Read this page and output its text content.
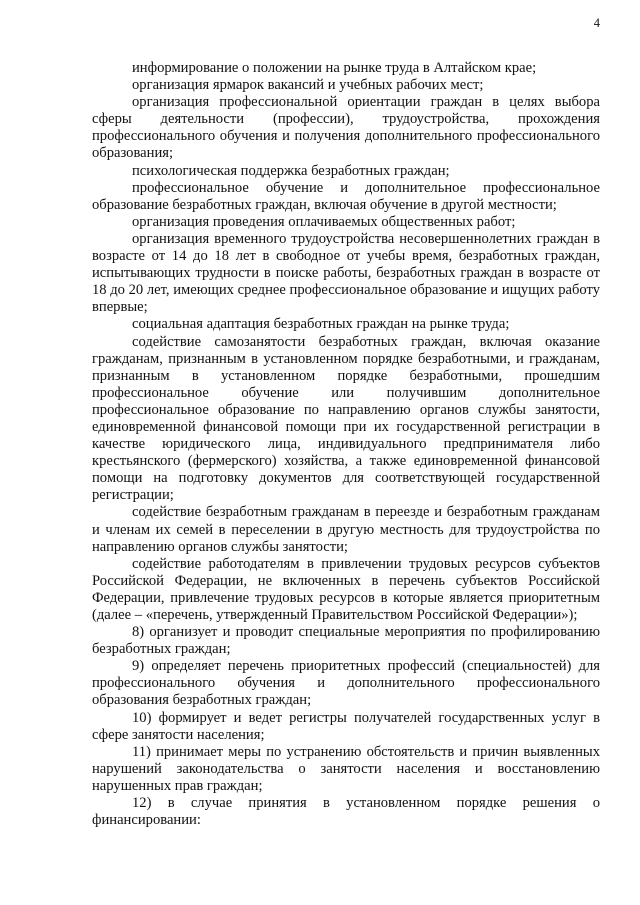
4

информирование о положении на рынке труда в Алтайском крае;

организация ярмарок вакансий и учебных рабочих мест;

организация профессиональной ориентации граждан в целях выбора сферы деятельности (профессии), трудоустройства, прохождения профессионального обучения и получения дополнительного профессионального образования;

психологическая поддержка безработных граждан;

профессиональное обучение и дополнительное профессиональное образование безработных граждан, включая обучение в другой местности;

организация проведения оплачиваемых общественных работ;

организация временного трудоустройства несовершеннолетних граждан в возрасте от 14 до 18 лет в свободное от учебы время, безработных граждан, испытывающих трудности в поиске работы, безработных граждан в возрасте от 18 до 20 лет, имеющих среднее профессиональное образование и ищущих работу впервые;

социальная адаптация безработных граждан на рынке труда;

содействие самозанятости безработных граждан, включая оказание гражданам, признанным в установленном порядке безработными, и гражданам, признанным в установленном порядке безработными, прошедшим профессиональное обучение или получившим дополнительное профессиональное образование по направлению органов службы занятости, единовременной финансовой помощи при их государственной регистрации в качестве юридического лица, индивидуального предпринимателя либо крестьянского (фермерского) хозяйства, а также единовременной финансовой помощи на подготовку документов для соответствующей государственной регистрации;

содействие безработным гражданам в переезде и безработным гражданам и членам их семей в переселении в другую местность для трудоустройства по направлению органов службы занятости;

содействие работодателям в привлечении трудовых ресурсов субъектов Российской Федерации, не включенных в перечень субъектов Российской Федерации, привлечение трудовых ресурсов в которые является приоритетным (далее – «перечень, утвержденный Правительством Российской Федерации»);

8) организует и проводит специальные мероприятия по профилированию безработных граждан;

9) определяет перечень приоритетных профессий (специальностей) для профессионального обучения и дополнительного профессионального образования безработных граждан;

10) формирует и ведет регистры получателей государственных услуг в сфере занятости населения;

11) принимает меры по устранению обстоятельств и причин выявленных нарушений законодательства о занятости населения и восстановлению нарушенных прав граждан;

12) в случае принятия в установленном порядке решения о финансировании:
